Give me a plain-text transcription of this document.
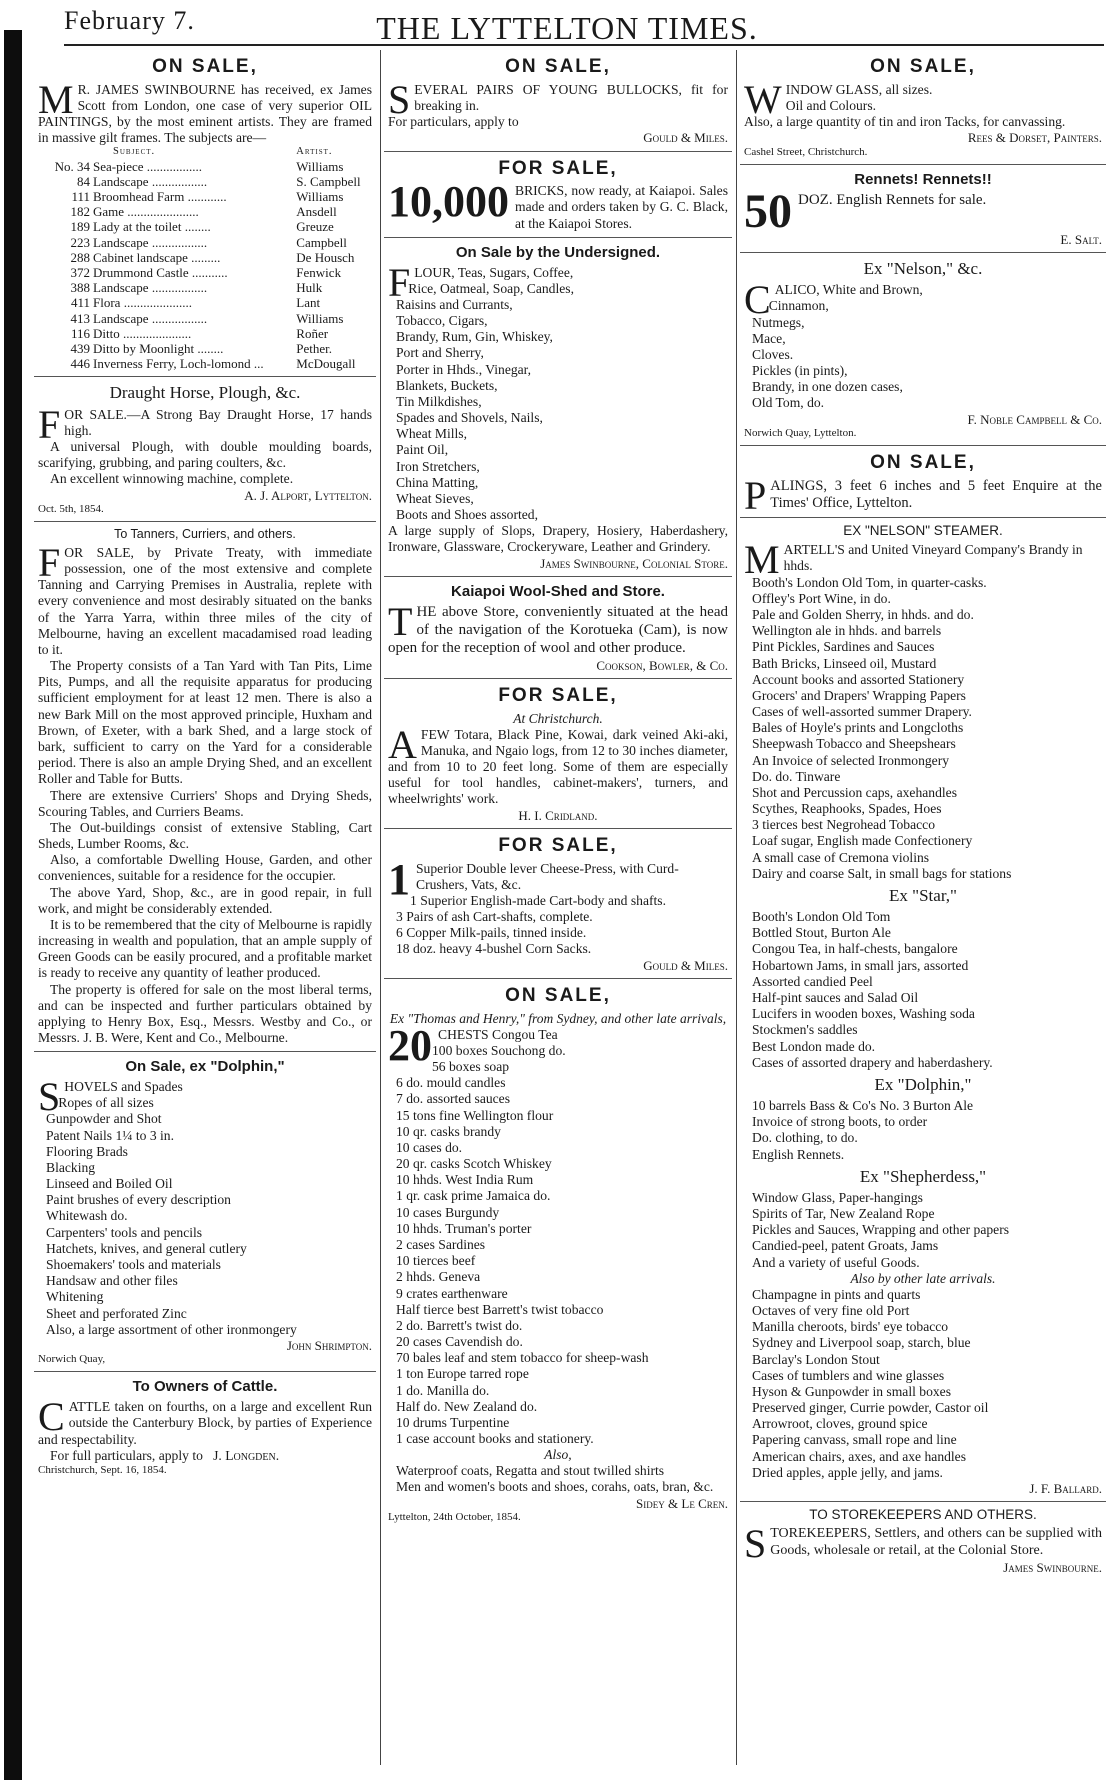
February 7.	THE LYTTELTON TIMES.
ON SALE,

M R. JAMES SWINBOURNE has received, ex James Scott from London, one case of very superior OIL PAINTINGS, by the most eminent artists. They are framed in massive gilt frames. The subjects are—

	Subject.	Artist.
No. 34	Sea-piece .................	Williams
84	Landscape .................	S. Campbell
111	Broomhead Farm ............	Williams
182	Game ......................	Ansdell
189	Lady at the toilet ........	Greuze
223	Landscape .................	Campbell
288	Cabinet landscape .........	De Housch
372	Drummond Castle ...........	Fenwick
388	Landscape .................	Hulk
411	Flora .....................	Lant
413	Landscape .................	Williams
116	Ditto .....................	Roñer
439	Ditto by Moonlight ........	Pether.
446	Inverness Ferry, Loch-lomond ...	McDougall
Draught Horse, Plough, &c.

FOR SALE.—A Strong Bay Draught Horse, 17 hands high.

A universal Plough, with double moulding boards, scarifying, grubbing, and paring coulters, &c.

An excellent winnowing machine, complete.

A. J. Alport, Lyttelton.
Oct. 5th, 1854.
To Tanners, Curriers, and others.

FOR SALE, by Private Treaty, with immediate possession, one of the most extensive and complete Tanning and Carrying Premises in Australia, replete with every convenience and most desirably situated on the banks of the Yarra Yarra, within three miles of the city of Melbourne, having an excellent macadamised road leading to it.

The Property consists of a Tan Yard with Tan Pits, Lime Pits, Pumps, and all the requisite apparatus for producing sufficient employment for at least 12 men. There is also a new Bark Mill on the most approved principle, Huxham and Brown, of Exeter, with a bark Shed, and a large stock of bark, sufficient to carry on the Yard for a considerable period. There is also an ample Drying Shed, and an excellent Roller and Table for Butts.

There are extensive Curriers' Shops and Drying Sheds, Scouring Tables, and Curriers Beams.

The Out-buildings consist of extensive Stabling, Cart Sheds, Lumber Rooms, &c.

Also, a comfortable Dwelling House, Garden, and other conveniences, suitable for a residence for the occupier.

The above Yard, Shop, &c., are in good repair, in full work, and might be considerably extended.

It is to be remembered that the city of Melbourne is rapidly increasing in wealth and population, that an ample supply of Green Goods can be easily procured, and a profitable market is ready to receive any quantity of leather produced.

The property is offered for sale on the most liberal terms, and can be inspected and further particulars obtained by applying to Henry Box, Esq., Messrs. Westby and Co., or Messrs. J. B. Were, Kent and Co., Melbourne.

On Sale, ex "Dolphin,"
SHOVELS and Spades
Ropes of all sizes
Gunpowder and Shot
Patent Nails 1¼ to 3 in.
Flooring Brads
Blacking
Linseed and Boiled Oil
Paint brushes of every description
Whitewash do.
Carpenters' tools and pencils
Hatchets, knives, and general cutlery
Shoemakers' tools and materials
Handsaw and other files
Whitening
Sheet and perforated Zinc
Also, a large assortment of other ironmongery
John Shrimpton.
Norwich Quay,
To Owners of Cattle.

CATTLE taken on fourths, on a large and excellent Run outside the Canterbury Block, by parties of Experience and respectability.

For full particulars, apply to J. Longden.

Christchurch, Sept. 16, 1854.
ON SALE,

SEVERAL PAIRS OF YOUNG BULLOCKS, fit for breaking in.

For particulars, apply to

Gould & Miles.
FOR SALE,

10,000 BRICKS, now ready, at Kaiapoi. Sales made and orders taken by G. C. Black, at the Kaiapoi Stores.

On Sale by the Undersigned.
FLOUR, Teas, Sugars, Coffee,
Rice, Oatmeal, Soap, Candles,
Raisins and Currants,
Tobacco, Cigars,
Brandy, Rum, Gin, Whiskey,
Port and Sherry,
Porter in Hhds., Vinegar,
Blankets, Buckets,
Tin Milkdishes,
Spades and Shovels, Nails,
Wheat Mills,
Paint Oil,
Iron Stretchers,
China Matting,
Wheat Sieves,
Boots and Shoes assorted,

A large supply of Slops, Drapery, Hosiery, Haberdashery, Ironware, Glassware, Crockeryware, Leather and Grindery.

James Swinbourne, Colonial Store.
Kaiapoi Wool-Shed and Store.

THE above Store, conveniently situated at the head of the navigation of the Korotueka (Cam), is now open for the reception of wool and other produce.

Cookson, Bowler, & Co.
FOR SALE,
At Christchurch.

AFEW Totara, Black Pine, Kowai, dark veined Aki-aki, Manuka, and Ngaio logs, from 12 to 30 inches diameter, and from 10 to 20 feet long. Some of them are especially useful for tool handles, cabinet-makers', turners, and wheelwrights' work.

H. I. Cridland.
FOR SALE,
1 Superior Double lever Cheese-Press, with Curd-Crushers, Vats, &c.
1 Superior English-made Cart-body and shafts.
3 Pairs of ash Cart-shafts, complete.
6 Copper Milk-pails, tinned inside.
18 doz. heavy 4-bushel Corn Sacks.
Gould & Miles.
ON SALE,
Ex "Thomas and Henry," from Sydney, and other late arrivals,
20 CHESTS Congou Tea
100 boxes Souchong do.
56 boxes soap
6 do. mould candles
7 do. assorted sauces
15 tons fine Wellington flour
10 qr. casks brandy
10 cases do.
20 qr. casks Scotch Whiskey
10 hhds. West India Rum
1 qr. cask prime Jamaica do.
10 cases Burgundy
10 hhds. Truman's porter
2 cases Sardines
10 tierces beef
2 hhds. Geneva
9 crates earthenware
Half tierce best Barrett's twist tobacco
2 do. Barrett's twist do.
20 cases Cavendish do.
70 bales leaf and stem tobacco for sheep-wash
1 ton Europe tarred rope
1 do. Manilla do.
Half do. New Zealand do.
10 drums Turpentine
1 case account books and stationery.
Also,
Waterproof coats, Regatta and stout twilled shirts
Men and women's boots and shoes, corahs, oats, bran, &c.
Sidey & Le Cren.
Lyttelton, 24th October, 1854.
ON SALE,

WINDOW GLASS, all sizes.

Oil and Colours.

Also, a large quantity of tin and iron Tacks, for canvassing.

Rees & Dorset, Painters.
Cashel Street, Christchurch.
Rennets! Rennets!!

50 DOZ. English Rennets for sale.

E. Salt.
Ex "Nelson," &c.
CALICO, White and Brown,
Cinnamon,
Nutmegs,
Mace,
Cloves.
Pickles (in pints),
Brandy, in one dozen cases,
Old Tom, do.
F. Noble Campbell & Co.
Norwich Quay, Lyttelton.
ON SALE,

PALINGS, 3 feet 6 inches and 5 feet Enquire at the Times' Office, Lyttelton.

EX "NELSON" STEAMER.
MARTELL'S and United Vineyard Company's Brandy in hhds.
Booth's London Old Tom, in quarter-casks.
Offley's Port Wine, in do.
Pale and Golden Sherry, in hhds. and do.
Wellington ale in hhds. and barrels
Pint Pickles, Sardines and Sauces
Bath Bricks, Linseed oil, Mustard
Account books and assorted Stationery
Grocers' and Drapers' Wrapping Papers
Cases of well-assorted summer Drapery.
Bales of Hoyle's prints and Longcloths
Sheepwash Tobacco and Sheepshears
An Invoice of selected Ironmongery
Do. do. Tinware
Shot and Percussion caps, axehandles
Scythes, Reaphooks, Spades, Hoes
3 tierces best Negrohead Tobacco
Loaf sugar, English made Confectionery
A small case of Cremona violins
Dairy and coarse Salt, in small bags for stations
Ex "Star,"
Booth's London Old Tom
Bottled Stout, Burton Ale
Congou Tea, in half-chests, bangalore
Hobartown Jams, in small jars, assorted
Assorted candied Peel
Half-pint sauces and Salad Oil
Lucifers in wooden boxes, Washing soda
Stockmen's saddles
Best London made do.
Cases of assorted drapery and haberdashery.
Ex "Dolphin,"
10 barrels Bass & Co's No. 3 Burton Ale
Invoice of strong boots, to order
Do. clothing, to do.
English Rennets.
Ex "Shepherdess,"
Window Glass, Paper-hangings
Spirits of Tar, New Zealand Rope
Pickles and Sauces, Wrapping and other papers
Candied-peel, patent Groats, Jams
And a variety of useful Goods.
Also by other late arrivals.
Champagne in pints and quarts
Octaves of very fine old Port
Manilla cheroots, birds' eye tobacco
Sydney and Liverpool soap, starch, blue
Barclay's London Stout
Cases of tumblers and wine glasses
Hyson & Gunpowder in small boxes
Preserved ginger, Currie powder, Castor oil
Arrowroot, cloves, ground spice
Papering canvass, small rope and line
American chairs, axes, and axe handles
Dried apples, apple jelly, and jams.
J. F. Ballard.
TO STOREKEEPERS AND OTHERS.

STOREKEEPERS, Settlers, and others can be supplied with Goods, wholesale or retail, at the Colonial Store.

James Swinbourne.
